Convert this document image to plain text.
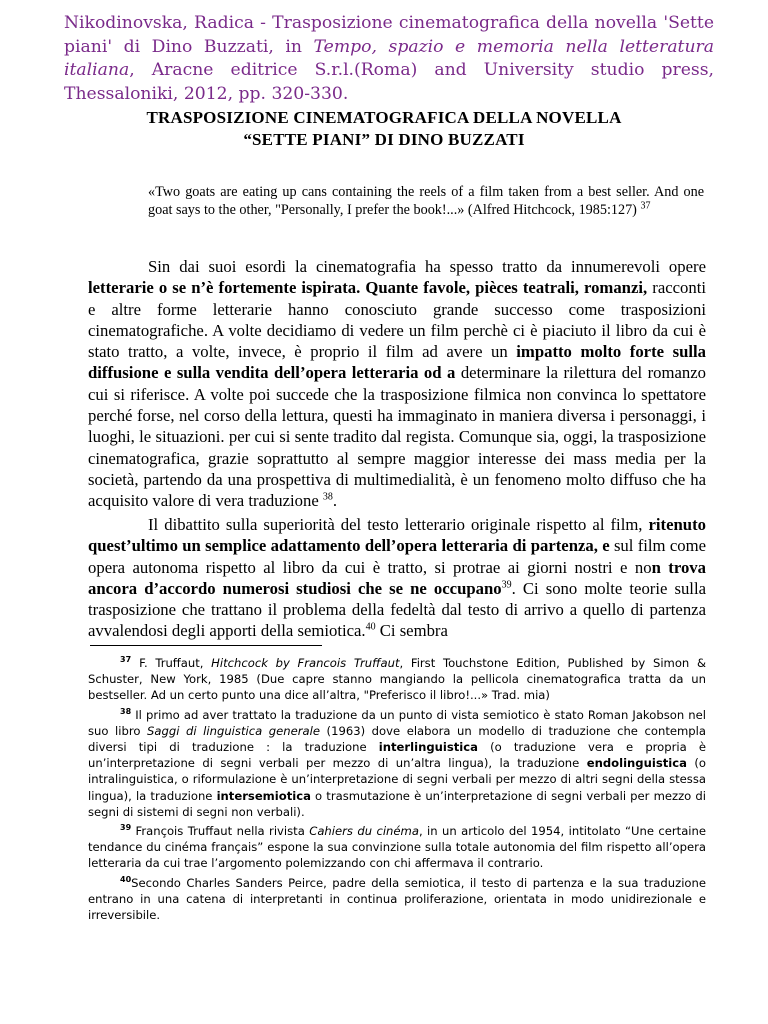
Nikodinovska, Radica - Trasposizione cinematografica della novella 'Sette piani' di Dino Buzzati, in Tempo, spazio e memoria nella letteratura italiana, Aracne editrice S.r.l.(Roma) and University studio press, Thessaloniki, 2012, pp. 320-330.
TRASPOSIZIONE CINEMATOGRAFICA DELLA NOVELLA
“SETTE PIANI” DI DINO BUZZATI
«Two goats are eating up cans containing the reels of a film taken from a best seller. And one goat says to the other, "Personally, I prefer the book!...» (Alfred Hitchcock, 1985:127) $^{37}$
Sin dai suoi esordi la cinematografia ha spesso tratto da innumerevoli opere letterarie o se n’è fortemente ispirata. Quante favole, pièces teatrali, romanzi, racconti e altre forme letterarie hanno conosciuto grande successo come trasposizioni cinematografiche. A volte decidiamo di vedere un film perchè ci è piaciuto il libro da cui è stato tratto, a volte, invece, è proprio il film ad avere un impatto molto forte sulla diffusione e sulla vendita dell’opera letteraria od a determinare la rilettura del romanzo cui si riferisce. A volte poi succede che la trasposizione filmica non convinca lo spettatore perché forse, nel corso della lettura, questi ha immaginato in maniera diversa i personaggi, i luoghi, le situazioni. per cui si sente tradito dal regista. Comunque sia, oggi, la trasposizione cinematografica, grazie soprattutto al sempre maggior interesse dei mass media per la società, partendo da una prospettiva di multimedialità, è un fenomeno molto diffuso che ha acquisito valore di vera traduzione $^{38}$.
Il dibattito sulla superiorità del testo letterario originale rispetto al film, ritenuto quest’ultimo un semplice adattamento dell’opera letteraria di partenza, e sul film come opera autonoma rispetto al libro da cui è tratto, si protrae ai giorni nostri e non trova ancora d’accordo numerosi studiosi che se ne occupano$^{39}$. Ci sono molte teorie sulla trasposizione che trattano il problema della fedeltà dal testo di arrivo a quello di partenza avvalendosi degli apporti della semiotica.$^{40}$ Ci sembra
37 F. Truffaut, Hitchcock by Francois Truffaut, First Touchstone Edition, Published by Simon & Schuster, New York, 1985 (Due capre stanno mangiando la pellicola cinematografica tratta da un bestseller. Ad un certo punto una dice all’altra, "Preferisco il libro!...» Trad. mia)
38 Il primo ad aver trattato la traduzione da un punto di vista semiotico è stato Roman Jakobson nel suo libro Saggi di linguistica generale (1963) dove elabora un modello di traduzione che contempla diversi tipi di traduzione : la traduzione interlinguistica (o traduzione vera e propria è un’interpretazione di segni verbali per mezzo di un’altra lingua), la traduzione endolinguistica (o intralinguistica, o riformulazione è un’interpretazione di segni verbali per mezzo di altri segni della stessa lingua), la traduzione intersemiotica o trasmutazione è un’interpretazione di segni verbali per mezzo di segni di sistemi di segni non verbali).
39 François Truffaut nella rivista Cahiers du cinéma, in un articolo del 1954, intitolato “Une certaine tendance du cinéma français” espone la sua convinzione sulla totale autonomia del film rispetto all’opera letteraria da cui trae l’argomento polemizzando con chi affermava il contrario.
40Secondo Charles Sanders Peirce, padre della semiotica, il testo di partenza e la sua traduzione entrano in una catena di interpretanti in continua proliferazione, orientata in modo unidirezionale e irreversibile.
